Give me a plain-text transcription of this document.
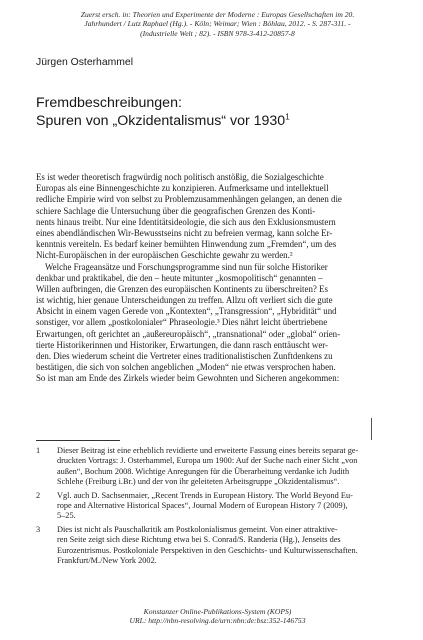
Zuerst ersch. in: Theorien und Experimente der Moderne : Europas Gesellschaften im 20.
Jahrhundert / Lutz Raphael (Hg.). - Köln; Weimar; Wien : Böhlau, 2012. - S. 287-311. -
(Industrielle Welt ; 82). - ISBN 978-3-412-20857-8
Jürgen Osterhammel
Fremdbeschreibungen:
Spuren von „Okzidentalismus“ vor 1930$^1$
Es ist weder theoretisch fragwürdig noch politisch anstößig, die Sozialgeschichte
Europas als eine Binnengeschichte zu konzipieren. Aufmerksame und intellektuell
redliche Empirie wird von selbst zu Problemzusammenhängen gelangen, an denen die
schiere Sachlage die Untersuchung über die geografischen Grenzen des Konti-
nents hinaus treibt. Nur eine Identitätsideologie, die sich aus den Exklusionsmustern
eines abendländischen Wir-Bewusstseins nicht zu befreien vermag, kann solche Er-
kenntnis vereiteln. Es bedarf keiner bemühten Hinwendung zum „Fremden“, um des
Nicht-Europäischen in der europäischen Geschichte gewahr zu werden.²
Welche Frageansätze und Forschungsprogramme sind nun für solche Historiker
denkbar und praktikabel, die den – heute mitunter „kosmopolitisch“ genannten –
Willen aufbringen, die Grenzen des europäischen Kontinents zu überschreiten? Es
ist wichtig, hier genaue Unterscheidungen zu treffen. Allzu oft verliert sich die gute
Absicht in einem vagen Gerede von „Kontexten“, „Transgression“, „Hybridität“ und
sonstiger, vor allem „postkolonialer“ Phraseologie.³ Dies nährt leicht übertriebene
Erwartungen, oft gerichtet an „außereuropäisch“, „transnational“ oder „global“ orien-
tierte Historikerinnen und Historiker, Erwartungen, die dann rasch enttäuscht wer-
den. Dies wiederum scheint die Vertreter eines traditionalistischen Zunftdenkens zu
bestätigen, die sich von solchen angeblichen „Moden“ nie etwas versprochen haben.
So ist man am Ende des Zirkels wieder beim Gewohnten und Sicheren angekommen:
1 Dieser Beitrag ist eine erheblich revidierte und erweiterte Fassung eines bereits separat ge-
druckten Vortrags: J. Osterhammel, Europa um 1900: Auf der Suche nach einer Sicht „von
außen“, Bochum 2008. Wichtige Anregungen für die Überarbeitung verdanke ich Judith
Schlehe (Freiburg i.Br.) und der von ihr geleiteten Arbeitsgruppe „Okzidentalismus“.
2 Vgl. auch D. Sachsenmaier, „Recent Trends in European History. The World Beyond Eu-
rope and Alternative Historical Spaces“, Journal Modern of European History 7 (2009),
5–25.
3 Dies ist nicht als Pauschalkritik am Postkolonialismus gemeint. Von einer attraktive-
ren Seite zeigt sich diese Richtung etwa bei S. Conrad/S. Randeria (Hg.), Jenseits des
Eurozentrismus. Postkoloniale Perspektiven in den Geschichts- und Kulturwissenschaften.
Frankfurt/M./New York 2002.
Konstanzer Online-Publikations-System (KOPS)
URL: http://nbn-resolving.de/urn:nbn:de:bsz:352-146753
